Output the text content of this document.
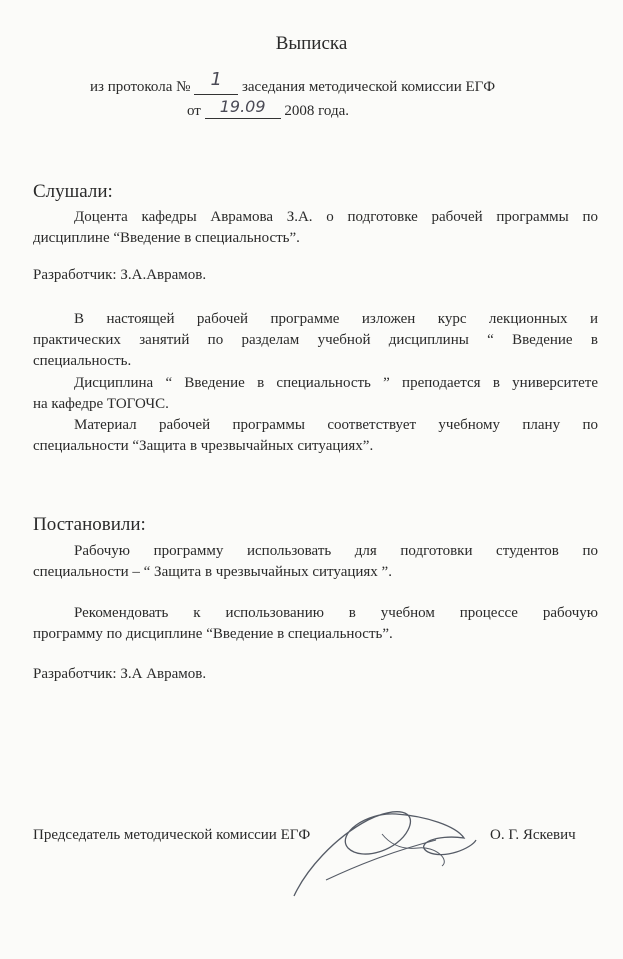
Выписка
из протокола № 1 заседания методической комиссии ЕГФ
от 19.09 2008 года.
Слушали:
Доцента кафедры Аврамова З.А. о подготовке рабочей программы по
дисциплине “Введение в специальность”.
Разработчик: З.А.Аврамов.
В настоящей рабочей программе изложен курс лекционных и
практических занятий по разделам учебной дисциплины “ Введение в
специальность.
Дисциплина “ Введение в специальность ” преподается в университете
на кафедре ТОГОЧС.
Материал рабочей программы соответствует учебному плану по
специальности “Защита в чрезвычайных ситуациях”.
Постановили:
Рабочую программу использовать для подготовки студентов по
специальности – “ Защита в чрезвычайных ситуациях ”.
Рекомендовать к использованию в учебном процессе рабочую
программу по дисциплине “Введение в специальность”.
Разработчик: З.А Аврамов.
Председатель методической комиссии ЕГФ	О. Г. Яскевич
